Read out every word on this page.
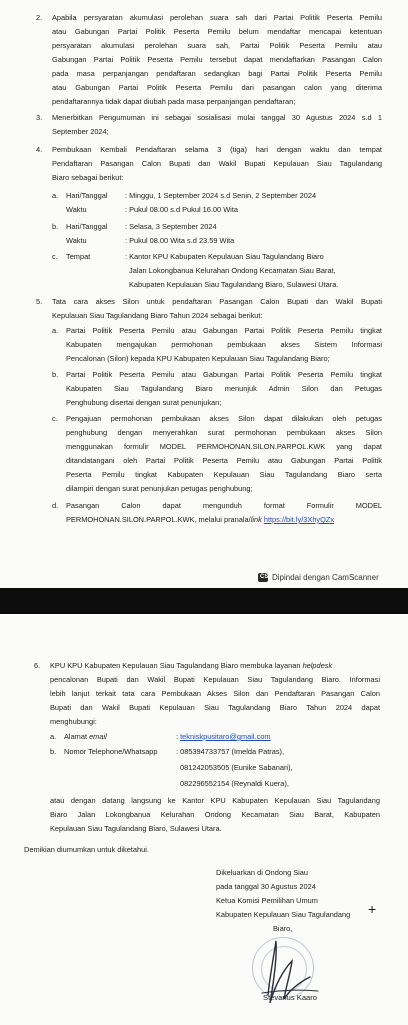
2. Apabila persyaratan akumulasi perolehan suara sah dari Partai Politik Peserta Pemilu
atau Gabungan Partai Politik Peserta Pemilu belum mendaftar mencapai ketentuan
persyaratan akumulasi perolehan suara sah, Partai Politik Peserta Pemilu atau
Gabungan Partai Politik Peserta Pemilu tersebut dapat mendaftarkan Pasangan Calon
pada masa perpanjangan pendaftaran sedangkan bagi Partai Politik Peserta Pemilu
atau Gabungan Partai Politik Peserta Pemilu dari pasangan calon yang diterima
pendaftarannya tidak dapat diubah pada masa perpanjangan pendaftaran;
3. Menerbitkan Pengumuman ini sebagai sosialisasi mulai tanggal 30 Agustus 2024 s.d 1
September 2024;
4. Pembukaan Kembali Pendaftaran selama 3 (tiga) hari dengan waktu dan tempat
Pendaftaran Pasangan Calon Bupati dan Wakil Bupati Kepulauan Siau Tagulandang
Biaro sebagai berikut:
a. Hari/Tanggal : Minggu, 1 September 2024 s.d Senin, 2 September 2024
Waktu	: Pukul 08.00 s.d Pukul 16.00 Wita
b. Hari/Tanggal : Selasa, 3 September 2024
Waktu	: Pukul 08.00 Wita s.d 23.59 Wita
c. Tempat	: Kantor KPU Kabupaten Kepulauan Siau Tagulandang Biaro
Jalan Lokongbanua Kelurahan Ondong Kecamatan Siau Barat,
Kabupaten Kepulauan Siau Tagulandang Biaro, Sulawesi Utara.
5. Tata cara akses Silon untuk pendaftaran Pasangan Calon Bupati dan Wakil Bupati
Kepulauan Siau Tagulandang Biaro Tahun 2024 sebagai berikut:
a. Partai Politik Peserta Pemilu atau Gabungan Partai Politik Peserta Pemilu tingkat
Kabupaten mengajukan permohonan pembukaan akses Sistem Informasi
Pencalonan (Silon) kepada KPU Kabupaten Kepulauan Siau Tagulandang Biaro;
b. Partai Politik Peserta Pemilu atau Gabungan Partai Politik Peserta Pemilu tingkat
Kabupaten Siau Tagulandang Biaro menunjuk Admin Silon dan Petugas
Penghubung disertai dengan surat penunjukan;
c. Pengajuan permohonan pembukaan akses Silon dapat dilakukan oleh petugas
penghubung dengan menyerahkan surat permohonan pembukaan akses Silon
menggunakan formulir MODEL PERMOHONAN.SILON.PARPOL.KWK yang dapat
ditandatangani oleh Partai Politik Peserta Pemilu atau Gabungan Partai Politik
Peserta Pemilu tingkat Kabupaten Kepulauan Siau Tagulandang Biaro serta
dilampiri dengan surat penunjukan petugas penghubung;
d. Pasangan Calon dapat mengunduh format Formulir MODEL
PERMOHONAN.SILON.PARPOL.KWK, melalui pranala/link https://bit.ly/3XhyQZx
CS Dipindai dengan CamScanner
6. KPU KPU Kabupaten Kepulauan Siau Tagulandang Biaro membuka layanan helpdesk
pencalonan Bupati dan Wakil Bupati Kepulauan Siau Tagulandang Biaro. Informasi
lebih lanjut terkait tata cara Pembukaan Akses Silon dan Pendaftaran Pasangan Calon
Bupati dan Wakil Bupati Kepulauan Siau Tagulandang Biaro Tahun 2024 dapat
menghubungi:
a. Alamat email	: tekniskpusitaro@gmail.com
b. Nomor Telephone/Whatsapp : 085394733757 (Imelda Patras),
081242053505 (Eunike Sabanari),
082296552154 (Reynaldi Kuera),
atau dengan datang langsung ke Kantor KPU Kabupaten Kepulauan Siau Tagulandang
Biaro Jalan Lokongbanua Kelurahan Ondong Kecamatan Siau Barat, Kabupaten
Kepulauan Siau Tagulandang Biaro, Sulawesi Utara.
Demikian diumumkan untuk diketahui.
Dikeluarkan di Ondong Siau
pada tanggal 30 Agustus 2024
Ketua Komisi Pemilihan Umum
Kabupaten Kepulauan Siau Tagulandang
Biaro,
+
Stevanus Kaaro
